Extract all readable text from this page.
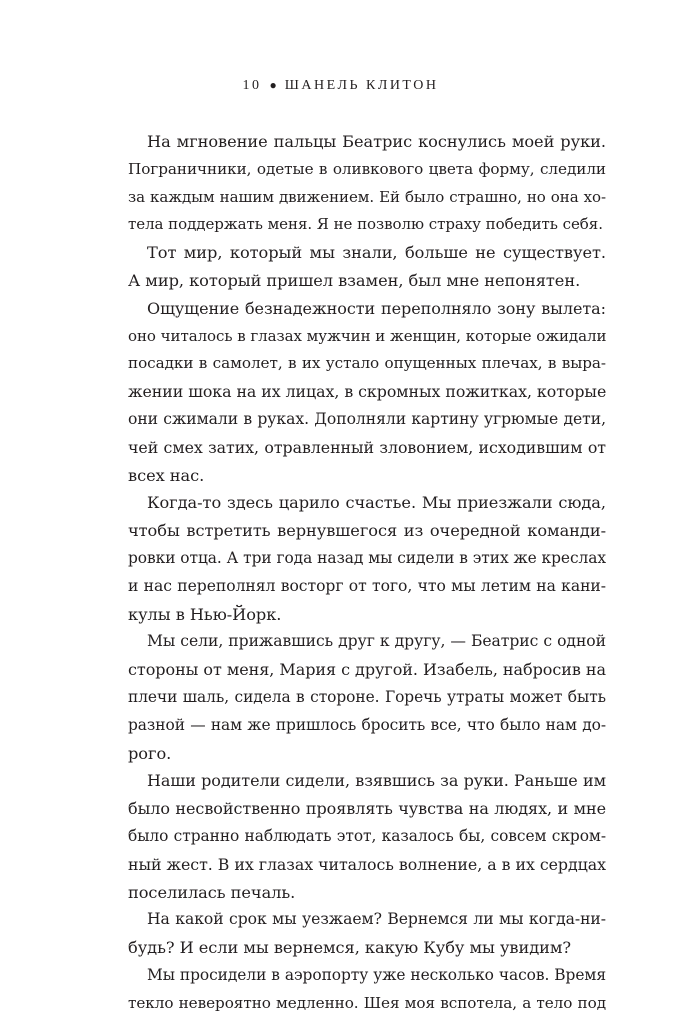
10 ● ШАНЕЛЬ КЛИТОН
На мгновение пальцы Беатрис коснулись моей руки.
Пограничники, одетые в оливкового цвета форму, следили
за каждым нашим движением. Ей было страшно, но она хо-
тела поддержать меня. Я не позволю страху победить себя.
Тот мир, который мы знали, больше не существует.
А мир, который пришел взамен, был мне непонятен.
Ощущение безнадежности переполняло зону вылета:
оно читалось в глазах мужчин и женщин, которые ожидали
посадки в самолет, в их устало опущенных плечах, в выра-
жении шока на их лицах, в скромных пожитках, которые
они сжимали в руках. Дополняли картину угрюмые дети,
чей смех затих, отравленный зловонием, исходившим от
всех нас.
Когда-то здесь царило счастье. Мы приезжали сюда,
чтобы встретить вернувшегося из очередной команди-
ровки отца. А три года назад мы сидели в этих же креслах
и нас переполнял восторг от того, что мы летим на кани-
кулы в Нью-Йорк.
Мы сели, прижавшись друг к другу, — Беатрис с одной
стороны от меня, Мария с другой. Изабель, набросив на
плечи шаль, сидела в стороне. Горечь утраты может быть
разной — нам же пришлось бросить все, что было нам до-
рого.
Наши родители сидели, взявшись за руки. Раньше им
было несвойственно проявлять чувства на людях, и мне
было странно наблюдать этот, казалось бы, совсем скром-
ный жест. В их глазах читалось волнение, а в их сердцах
поселилась печаль.
На какой срок мы уезжаем? Вернемся ли мы когда-ни-
будь? И если мы вернемся, какую Кубу мы увидим?
Мы просидели в аэропорту уже несколько часов. Время
текло невероятно медленно. Шея моя вспотела, а тело под
